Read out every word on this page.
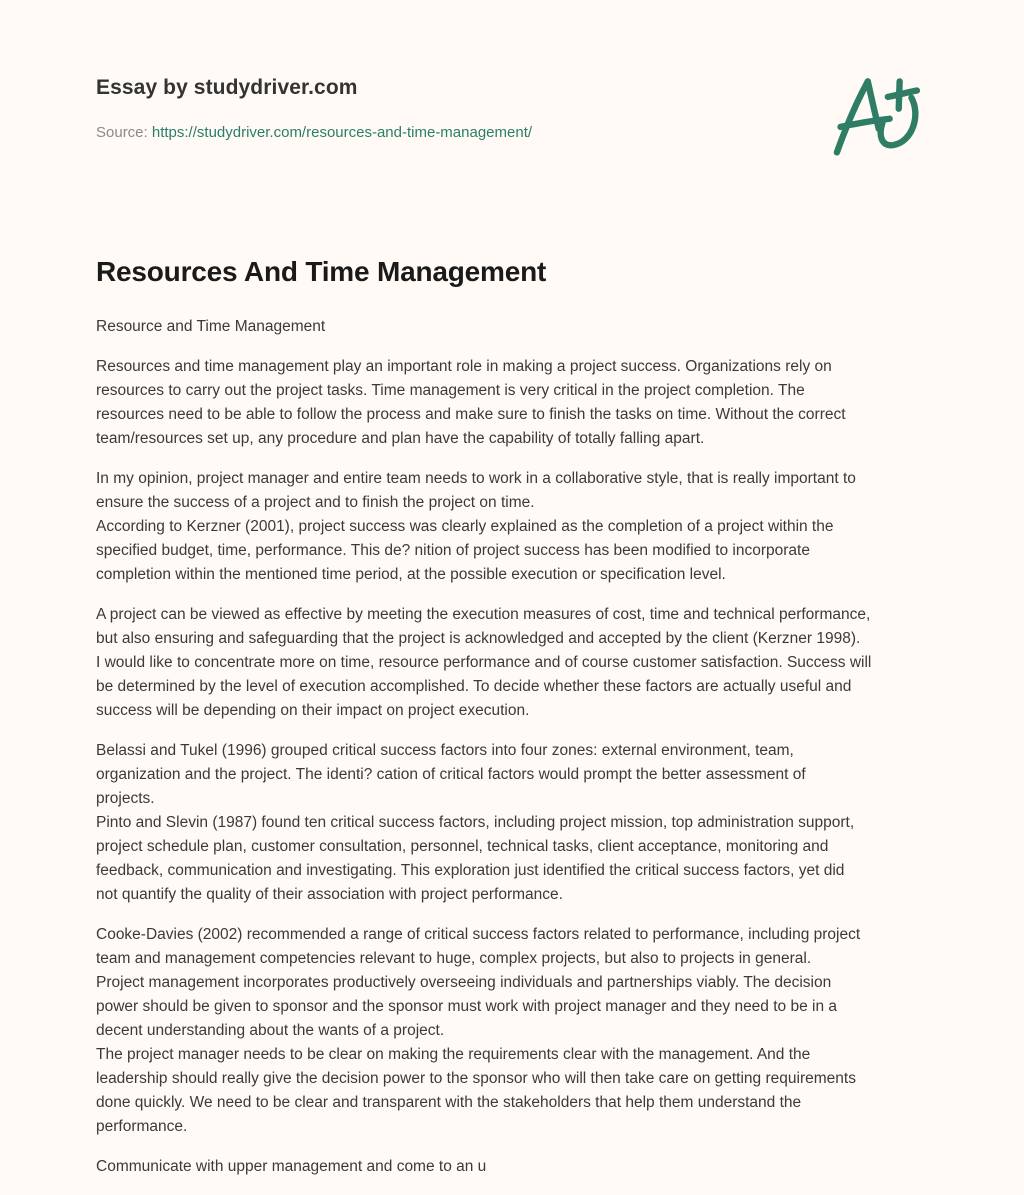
Essay by studydriver.com
Source: https://studydriver.com/resources-and-time-management/
Resources And Time Management

Resource and Time Management

Resources and time management play an important role in making a project success. Organizations rely on
resources to carry out the project tasks. Time management is very critical in the project completion. The
resources need to be able to follow the process and make sure to finish the tasks on time. Without the correct
team/resources set up, any procedure and plan have the capability of totally falling apart.

In my opinion, project manager and entire team needs to work in a collaborative style, that is really important to
ensure the success of a project and to finish the project on time.
According to Kerzner (2001), project success was clearly explained as the completion of a project within the
specified budget, time, performance. This de? nition of project success has been modified to incorporate
completion within the mentioned time period, at the possible execution or specification level.

A project can be viewed as effective by meeting the execution measures of cost, time and technical performance,
but also ensuring and safeguarding that the project is acknowledged and accepted by the client (Kerzner 1998).
I would like to concentrate more on time, resource performance and of course customer satisfaction. Success will
be determined by the level of execution accomplished. To decide whether these factors are actually useful and
success will be depending on their impact on project execution.

Belassi and Tukel (1996) grouped critical success factors into four zones: external environment, team,
organization and the project. The identi? cation of critical factors would prompt the better assessment of
projects.
Pinto and Slevin (1987) found ten critical success factors, including project mission, top administration support,
project schedule plan, customer consultation, personnel, technical tasks, client acceptance, monitoring and
feedback, communication and investigating. This exploration just identified the critical success factors, yet did
not quantify the quality of their association with project performance.

Cooke-Davies (2002) recommended a range of critical success factors related to performance, including project
team and management competencies relevant to huge, complex projects, but also to projects in general.
Project management incorporates productively overseeing individuals and partnerships viably. The decision
power should be given to sponsor and the sponsor must work with project manager and they need to be in a
decent understanding about the wants of a project.
The project manager needs to be clear on making the requirements clear with the management. And the
leadership should really give the decision power to the sponsor who will then take care on getting requirements
done quickly. We need to be clear and transparent with the stakeholders that help them understand the
performance.

Communicate with upper management and come to an u
